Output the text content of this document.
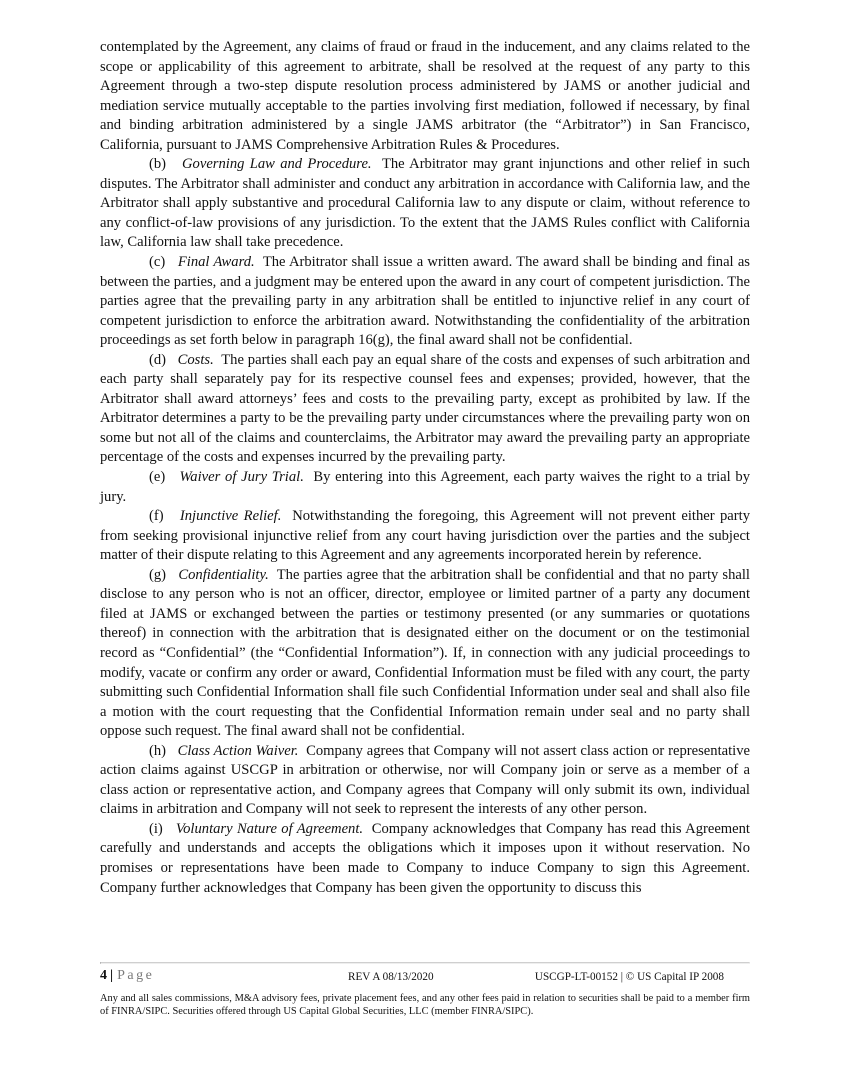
contemplated by the Agreement, any claims of fraud or fraud in the inducement, and any claims related to the scope or applicability of this agreement to arbitrate, shall be resolved at the request of any party to this Agreement through a two-step dispute resolution process administered by JAMS or another judicial and mediation service mutually acceptable to the parties involving first mediation, followed if necessary, by final and binding arbitration administered by a single JAMS arbitrator (the “Arbitrator”) in San Francisco, California, pursuant to JAMS Comprehensive Arbitration Rules & Procedures.

(b) Governing Law and Procedure. The Arbitrator may grant injunctions and other relief in such disputes. The Arbitrator shall administer and conduct any arbitration in accordance with California law, and the Arbitrator shall apply substantive and procedural California law to any dispute or claim, without reference to any conflict-of-law provisions of any jurisdiction. To the extent that the JAMS Rules conflict with California law, California law shall take precedence.

(c) Final Award. The Arbitrator shall issue a written award. The award shall be binding and final as between the parties, and a judgment may be entered upon the award in any court of competent jurisdiction. The parties agree that the prevailing party in any arbitration shall be entitled to injunctive relief in any court of competent jurisdiction to enforce the arbitration award. Notwithstanding the confidentiality of the arbitration proceedings as set forth below in paragraph 16(g), the final award shall not be confidential.

(d) Costs. The parties shall each pay an equal share of the costs and expenses of such arbitration and each party shall separately pay for its respective counsel fees and expenses; provided, however, that the Arbitrator shall award attorneys’ fees and costs to the prevailing party, except as prohibited by law. If the Arbitrator determines a party to be the prevailing party under circumstances where the prevailing party won on some but not all of the claims and counterclaims, the Arbitrator may award the prevailing party an appropriate percentage of the costs and expenses incurred by the prevailing party.

(e) Waiver of Jury Trial. By entering into this Agreement, each party waives the right to a trial by jury.

(f) Injunctive Relief. Notwithstanding the foregoing, this Agreement will not prevent either party from seeking provisional injunctive relief from any court having jurisdiction over the parties and the subject matter of their dispute relating to this Agreement and any agreements incorporated herein by reference.

(g) Confidentiality. The parties agree that the arbitration shall be confidential and that no party shall disclose to any person who is not an officer, director, employee or limited partner of a party any document filed at JAMS or exchanged between the parties or testimony presented (or any summaries or quotations thereof) in connection with the arbitration that is designated either on the document or on the testimonial record as “Confidential” (the “Confidential Information”). If, in connection with any judicial proceedings to modify, vacate or confirm any order or award, Confidential Information must be filed with any court, the party submitting such Confidential Information shall file such Confidential Information under seal and shall also file a motion with the court requesting that the Confidential Information remain under seal and no party shall oppose such request. The final award shall not be confidential.

(h) Class Action Waiver. Company agrees that Company will not assert class action or representative action claims against USCGP in arbitration or otherwise, nor will Company join or serve as a member of a class action or representative action, and Company agrees that Company will only submit its own, individual claims in arbitration and Company will not seek to represent the interests of any other person.

(i) Voluntary Nature of Agreement. Company acknowledges that Company has read this Agreement carefully and understands and accepts the obligations which it imposes upon it without reservation. No promises or representations have been made to Company to induce Company to sign this Agreement. Company further acknowledges that Company has been given the opportunity to discuss this

4 | Page	REV A 08/13/2020	USCGP-LT-00152 | © US Capital IP 2008
Any and all sales commissions, M&A advisory fees, private placement fees, and any other fees paid in relation to securities shall be paid to a member firm of FINRA/SIPC. Securities offered through US Capital Global Securities, LLC (member FINRA/SIPC).
